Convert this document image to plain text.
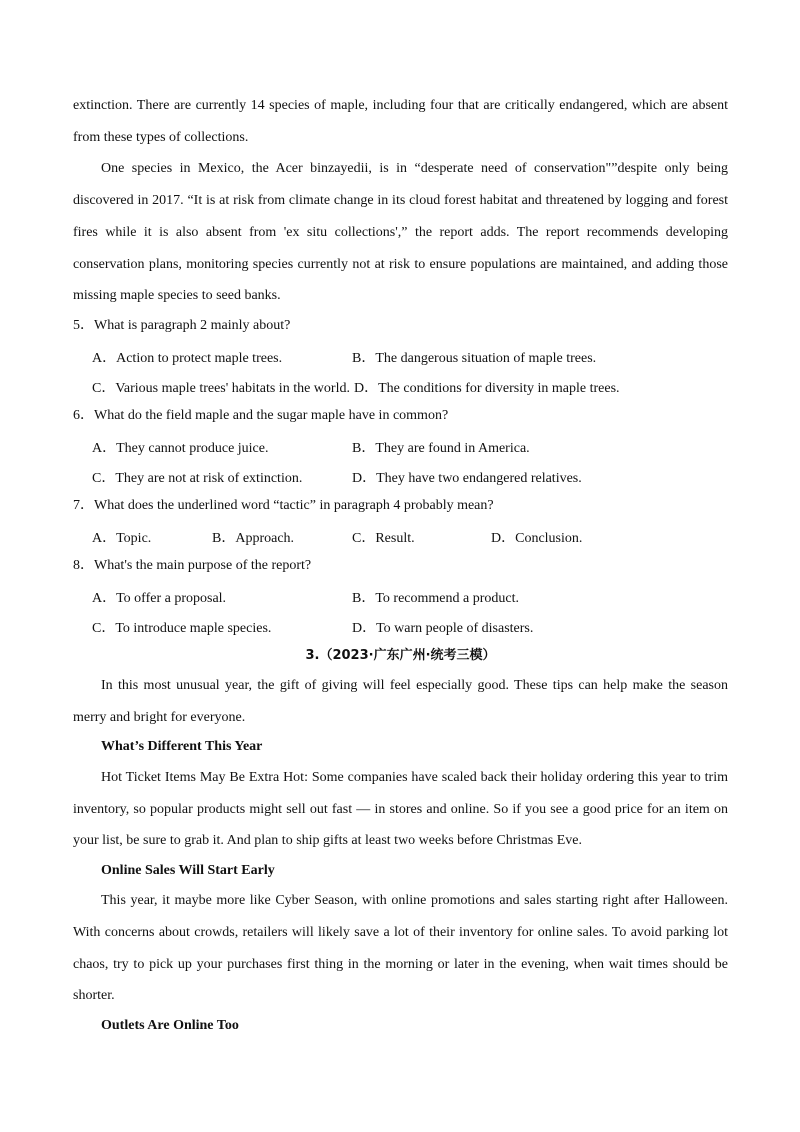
extinction. There are currently 14 species of maple, including four that are critically endangered, which are absent
from these types of collections.
One species in Mexico, the Acer binzayedii, is in “desperate need of conservation"”despite only being
discovered in 2017. “It is at risk from climate change in its cloud forest habitat and threatened by logging and forest
fires while it is also absent from 'ex situ collections',” the report adds. The report recommends developing
conservation plans, monitoring species currently not at risk to ensure populations are maintained, and adding those
missing maple species to seed banks.
5．What is paragraph 2 mainly about?
A．Action to protect maple trees.	B．The dangerous situation of maple trees.
C．Various maple trees' habitats in the world. D．The conditions for diversity in maple trees.
6．What do the field maple and the sugar maple have in common?
A．They cannot produce juice.	B．They are found in America.
C．They are not at risk of extinction.	D．They have two endangered relatives.
7．What does the underlined word “tactic” in paragraph 4 probably mean?
A．Topic.	B．Approach.	C．Result.	D．Conclusion.
8．What's the main purpose of the report?
A．To offer a proposal.	B．To recommend a product.
C．To introduce maple species.	D．To warn people of disasters.
3.（2023·广东广州·统考三模）
In this most unusual year, the gift of giving will feel especially good. These tips can help make the season
merry and bright for everyone.
What’s Different This Year
Hot Ticket Items May Be Extra Hot: Some companies have scaled back their holiday ordering this year to trim
inventory, so popular products might sell out fast — in stores and online. So if you see a good price for an item on
your list, be sure to grab it. And plan to ship gifts at least two weeks before Christmas Eve.
Online Sales Will Start Early
This year, it maybe more like Cyber Season, with online promotions and sales starting right after Halloween.
With concerns about crowds, retailers will likely save a lot of their inventory for online sales. To avoid parking lot
chaos, try to pick up your purchases first thing in the morning or later in the evening, when wait times should be
shorter.
Outlets Are Online Too
